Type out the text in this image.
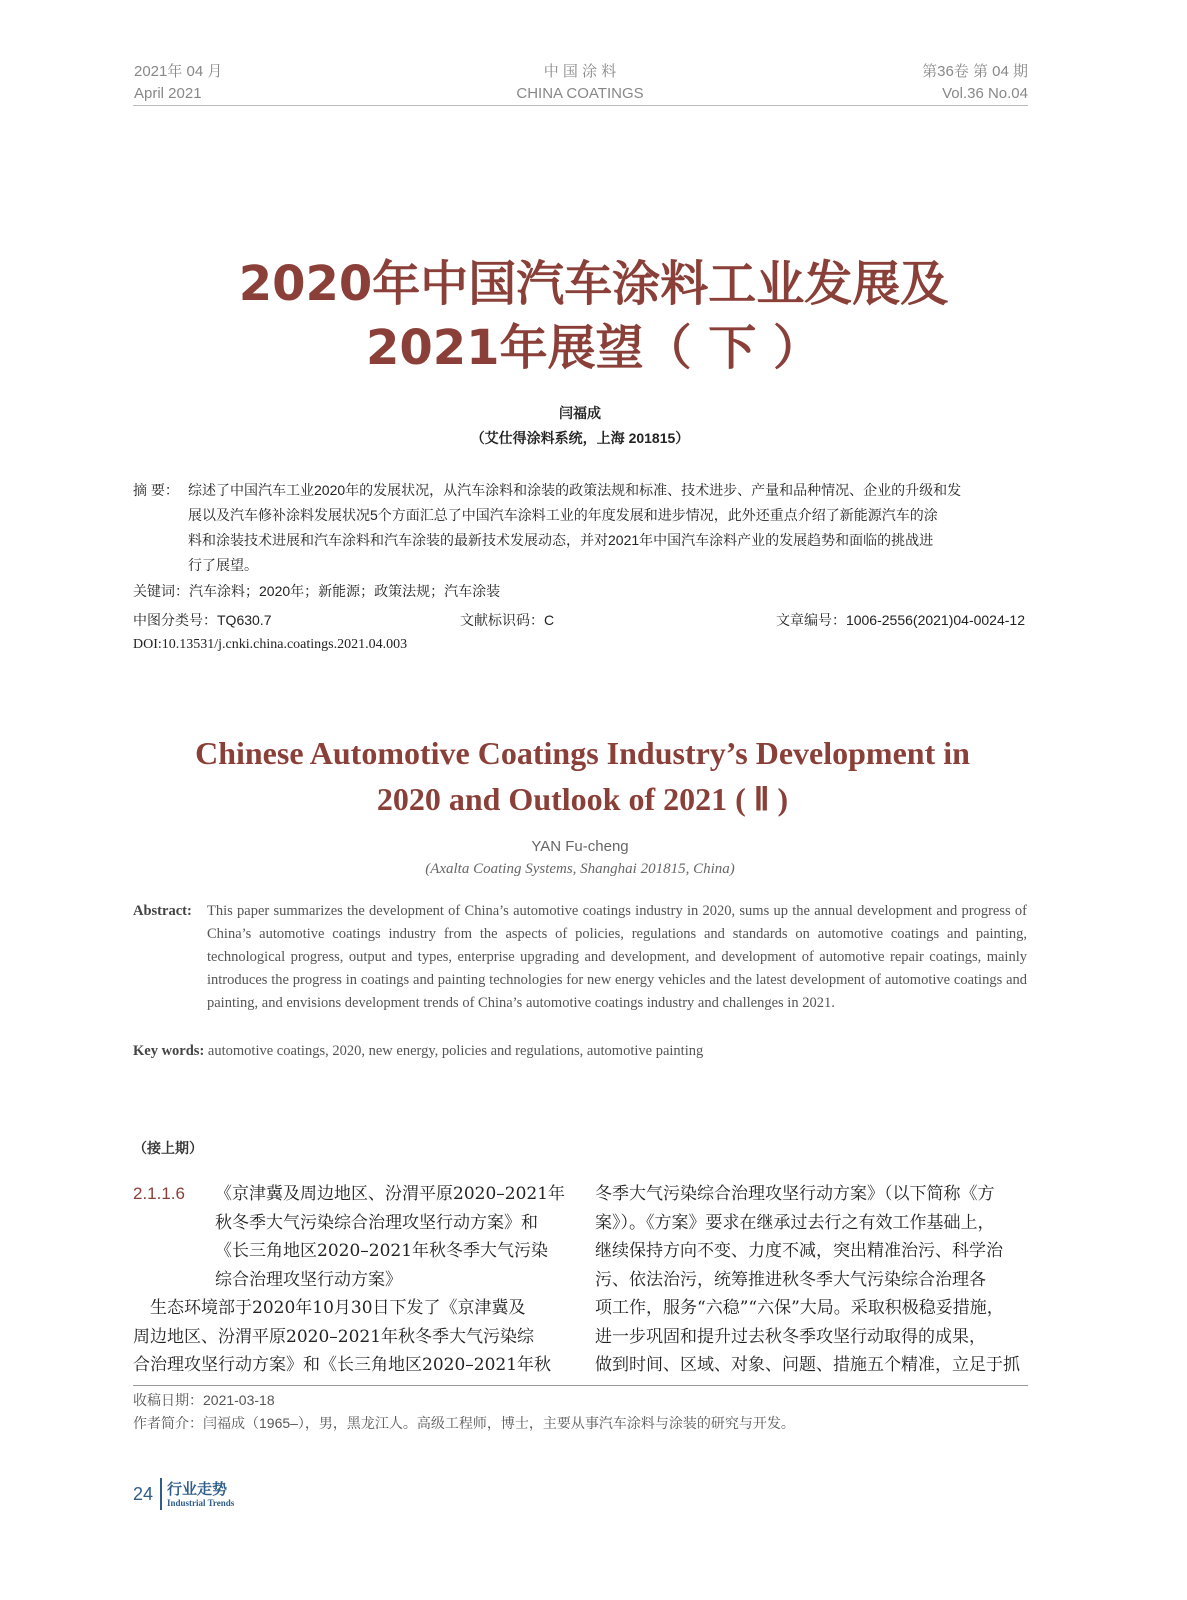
2021年 04 月
April 2021
中 国 涂 料
CHINA COATINGS
第36卷 第 04 期
Vol.36 No.04
2020年中国汽车涂料工业发展及
2021年展望（ 下 ）
闫福成
（艾仕得涂料系统，上海 201815）
摘 要： 综述了中国汽车工业2020年的发展状况，从汽车涂料和涂装的政策法规和标准、技术进步、产量和品种情况、企业的升级和发
展以及汽车修补涂料发展状况5个方面汇总了中国汽车涂料工业的年度发展和进步情况，此外还重点介绍了新能源汽车的涂
料和涂装技术进展和汽车涂料和汽车涂装的最新技术发展动态，并对2021年中国汽车涂料产业的发展趋势和面临的挑战进
行了展望。
关键词：汽车涂料；2020年；新能源；政策法规；汽车涂装
中图分类号：TQ630.7	文献标识码：C	文章编号：1006-2556(2021)04-0024-12
DOI:10.13531/j.cnki.china.coatings.2021.04.003
Chinese Automotive Coatings Industry’s Development in
2020 and Outlook of 2021 ( Ⅱ )
YAN Fu-cheng
(Axalta Coating Systems, Shanghai 201815, China)
Abstract:	This paper summarizes the development of China’s automotive coatings industry in 2020, sums up the annual development and progress of China’s automotive coatings industry from the aspects of policies, regulations and standards on automotive coatings and painting, technological progress, output and types, enterprise upgrading and development, and development of automotive repair coatings, mainly introduces the progress in coatings and painting technologies for new energy vehicles and the latest development of automotive coatings and painting, and envisions development trends of China’s automotive coatings industry and challenges in 2021.
Key words: automotive coatings, 2020, new energy, policies and regulations, automotive painting
（接上期）
2.1.1.6 《京津冀及周边地区、汾渭平原2020–2021年
秋冬季大气污染综合治理攻坚行动方案》和
《长三角地区2020–2021年秋冬季大气污染
综合治理攻坚行动方案》
　生态环境部于2020年10月30日下发了《京津冀及
周边地区、汾渭平原2020–2021年秋冬季大气污染综
合治理攻坚行动方案》和《长三角地区2020–2021年秋
冬季大气污染综合治理攻坚行动方案》（以下简称《方
案》）。《方案》要求在继承过去行之有效工作基础上，
继续保持方向不变、力度不减，突出精准治污、科学治
污、依法治污，统筹推进秋冬季大气污染综合治理各
项工作，服务“六稳”“六保”大局。采取积极稳妥措施，
进一步巩固和提升过去秋冬季攻坚行动取得的成果，
做到时间、区域、对象、问题、措施五个精准，立足于抓
收稿日期：2021-03-18
作者简介：闫福成（1965–），男，黑龙江人。高级工程师，博士，主要从事汽车涂料与涂装的研究与开发。
24 行业走势
Industrial Trends
